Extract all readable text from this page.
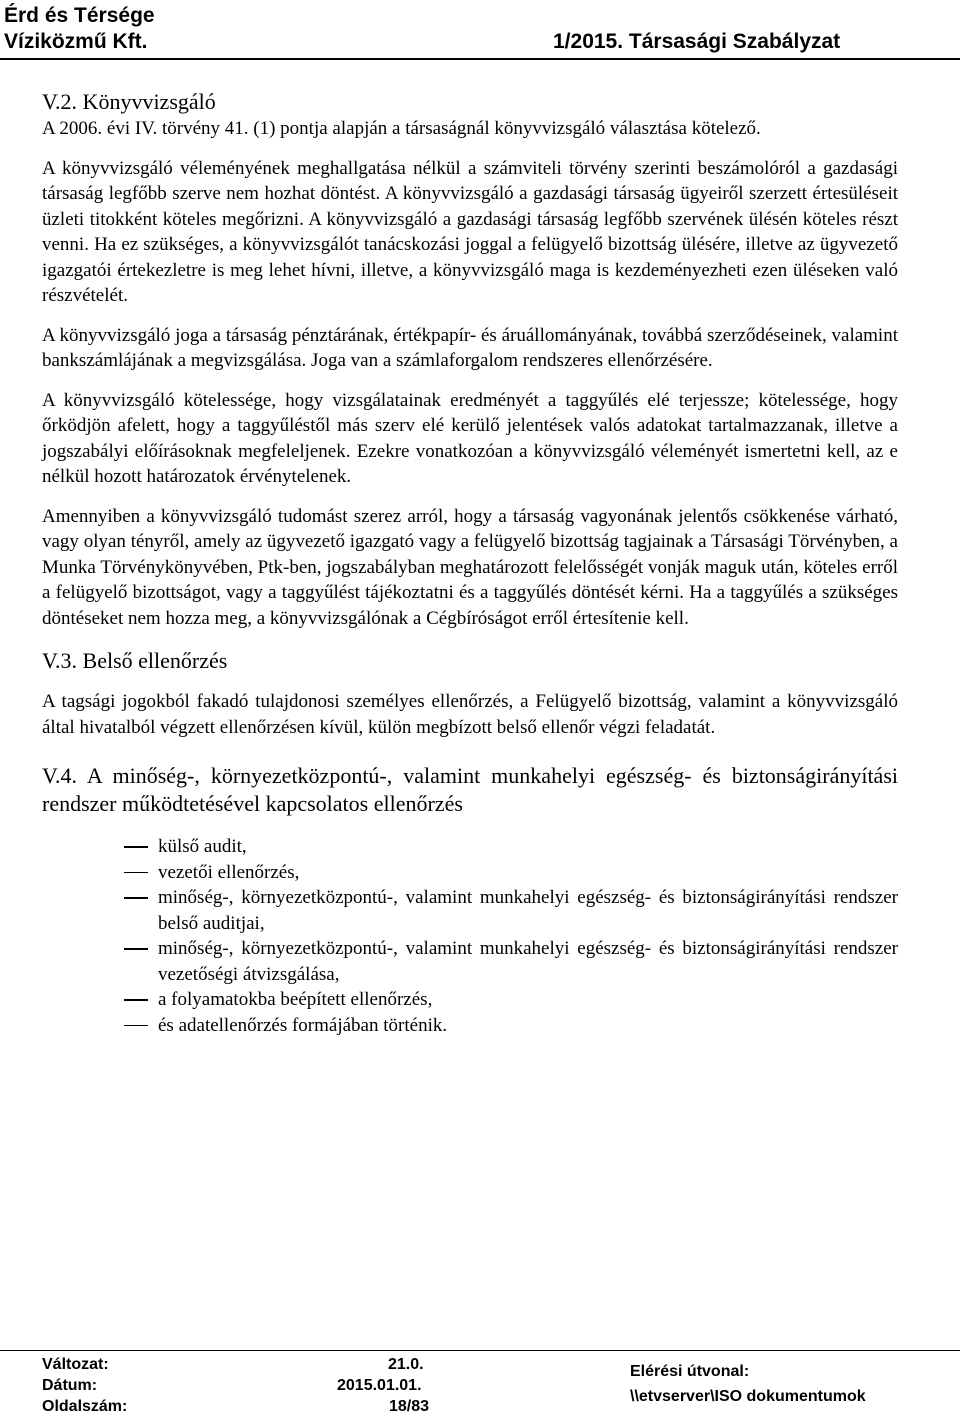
Érd és Térsége
Víziközmű Kft.	1/2015. Társasági Szabályzat

V.2. Könyvvizsgáló

A 2006. évi IV. törvény 41. (1) pontja alapján a társaságnál könyvvizsgáló választása kötelező.

A könyvvizsgáló véleményének meghallgatása nélkül a számviteli törvény szerinti beszámolóról a gazdasági társaság legfőbb szerve nem hozhat döntést. A könyvvizsgáló a gazdasági társaság ügyeiről szerzett értesüléseit üzleti titokként köteles megőrizni. A könyvvizsgáló a gazdasági társaság legfőbb szervének ülésén köteles részt venni. Ha ez szükséges, a könyvvizsgálót tanácskozási joggal a felügyelő bizottság ülésére, illetve az ügyvezető igazgatói értekezletre is meg lehet hívni, illetve, a könyvvizsgáló maga is kezdeményezheti ezen üléseken való részvételét.

A könyvvizsgáló joga a társaság pénztárának, értékpapír- és áruállományának, továbbá szerződéseinek, valamint bankszámlájának a megvizsgálása. Joga van a számlaforgalom rendszeres ellenőrzésére.

A könyvvizsgáló kötelessége, hogy vizsgálatainak eredményét a taggyűlés elé terjessze; kötelessége, hogy őrködjön afelett, hogy a taggyűléstől más szerv elé kerülő jelentések valós adatokat tartalmazzanak, illetve a jogszabályi előírásoknak megfeleljenek. Ezekre vonatkozóan a könyvvizsgáló véleményét ismertetni kell, az e nélkül hozott határozatok érvénytelenek.

Amennyiben a könyvvizsgáló tudomást szerez arról, hogy a társaság vagyonának jelentős csökkenése várható, vagy olyan tényről, amely az ügyvezető igazgató vagy a felügyelő bizottság tagjainak a Társasági Törvényben, a Munka Törvénykönyvében, Ptk-ben, jogszabályban meghatározott felelősségét vonják maguk után, köteles erről a felügyelő bizottságot, vagy a taggyűlést tájékoztatni és a taggyűlés döntését kérni. Ha a taggyűlés a szükséges döntéseket nem hozza meg, a könyvvizsgálónak a Cégbíróságot erről értesítenie kell.

V.3. Belső ellenőrzés

A tagsági jogokból fakadó tulajdonosi személyes ellenőrzés, a Felügyelő bizottság, valamint a könyvvizsgáló által hivatalból végzett ellenőrzésen kívül, külön megbízott belső ellenőr végzi feladatát.

V.4. A minőség-, környezetközpontú-, valamint munkahelyi egészség- és biztonságirányítási rendszer működtetésével kapcsolatos ellenőrzés

külső audit,
vezetői ellenőrzés,
minőség-, környezetközpontú-, valamint munkahelyi egészség- és biztonságirányítási rendszer belső auditjai,
minőség-, környezetközpontú-, valamint munkahelyi egészség- és biztonságirányítási rendszer vezetőségi átvizsgálása,
a folyamatokba beépített ellenőrzés,
és adatellenőrzés formájában történik.
Változat:	21.0.
Dátum:	2015.01.01.
Oldalszám:	18/83
Elérési útvonal:
\\etvserver\ISO dokumentumok
